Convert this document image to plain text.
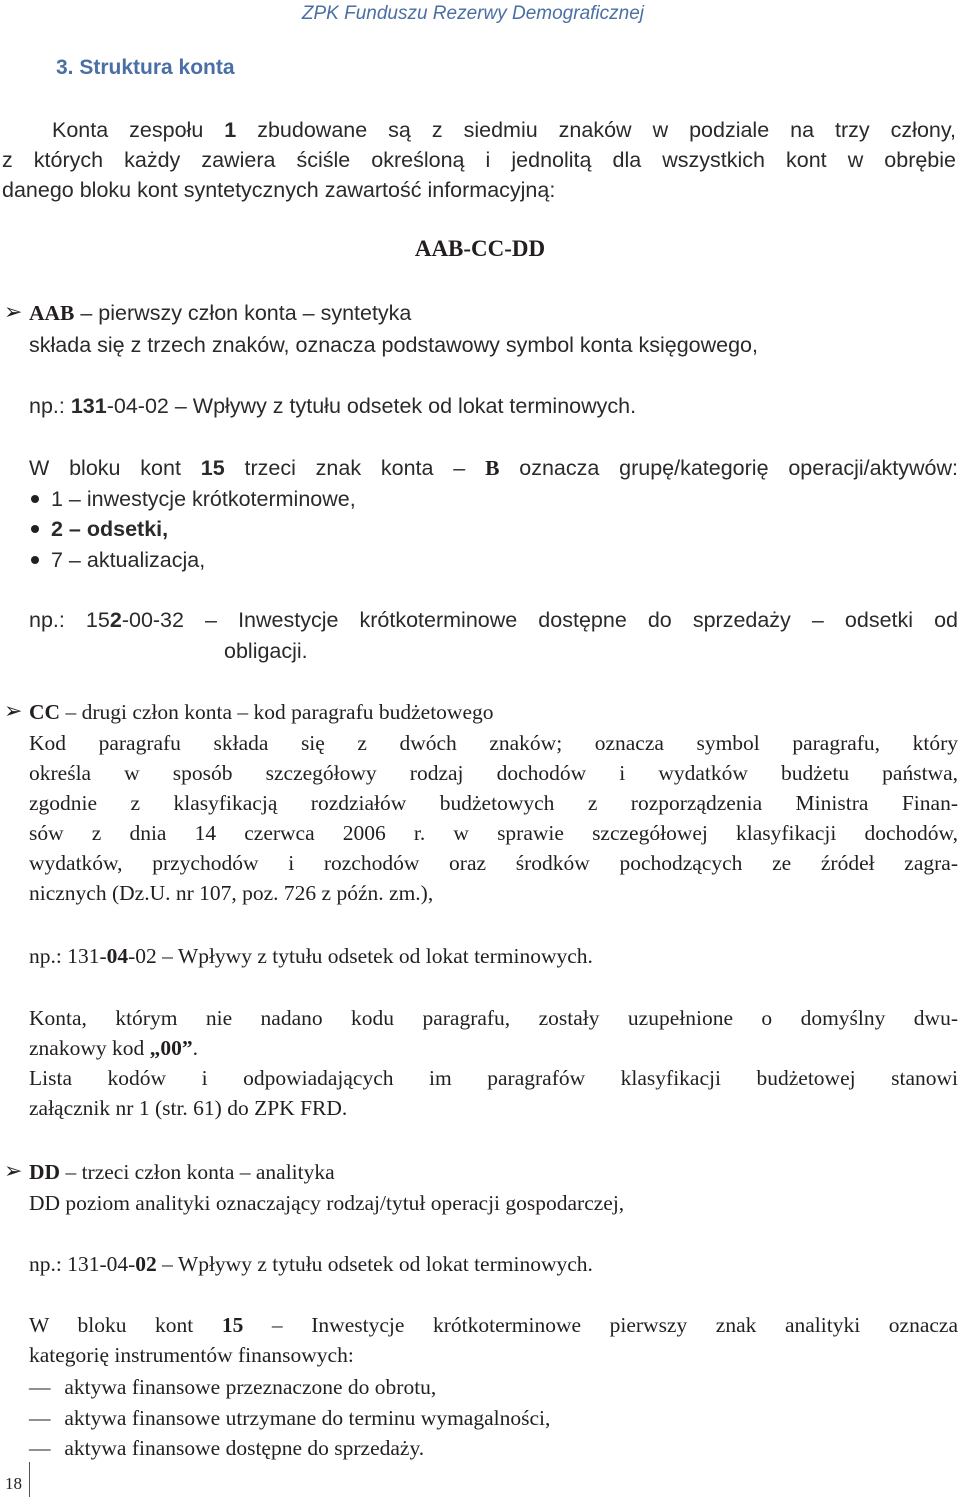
ZPK Funduszu Rezerwy Demograficznej
3. Struktura konta
Konta zespołu 1 zbudowane są z siedmiu znaków w podziale na trzy człony,
z których każdy zawiera ściśle określoną i jednolitą dla wszystkich kont w obrębie
danego bloku kont syntetycznych zawartość informacyjną:
AAB-CC-DD
➢ AAB – pierwszy człon konta – syntetyka
składa się z trzech znaków, oznacza podstawowy symbol konta księgowego,
np.: 131-04-02 – Wpływy z tytułu odsetek od lokat terminowych.
W bloku kont 15 trzeci znak konta – B oznacza grupę/kategorię operacji/aktywów:
1 – inwestycje krótkoterminowe,
2 – odsetki,
7 – aktualizacja,
np.: 152-00-32 – Inwestycje krótkoterminowe dostępne do sprzedaży – odsetki od
obligacji.
➢ CC – drugi człon konta – kod paragrafu budżetowego
Kod paragrafu składa się z dwóch znaków; oznacza symbol paragrafu, który
określa w sposób szczegółowy rodzaj dochodów i wydatków budżetu państwa,
zgodnie z klasyfikacją rozdziałów budżetowych z rozporządzenia Ministra Finan-
sów z dnia 14 czerwca 2006 r. w sprawie szczegółowej klasyfikacji dochodów,
wydatków, przychodów i rozchodów oraz środków pochodzących ze źródeł zagra-
nicznych (Dz.U. nr 107, poz. 726 z późn. zm.),
np.: 131-04-02 – Wpływy z tytułu odsetek od lokat terminowych.
Konta, którym nie nadano kodu paragrafu, zostały uzupełnione o domyślny dwu-
znakowy kod „00”.
Lista kodów i odpowiadających im paragrafów klasyfikacji budżetowej stanowi
załącznik nr 1 (str. 61) do ZPK FRD.
➢ DD – trzeci człon konta – analityka
DD poziom analityki oznaczający rodzaj/tytuł operacji gospodarczej,
np.: 131-04-02 – Wpływy z tytułu odsetek od lokat terminowych.
W bloku kont 15 – Inwestycje krótkoterminowe pierwszy znak analityki oznacza
kategorię instrumentów finansowych:
— aktywa finansowe przeznaczone do obrotu,
— aktywa finansowe utrzymane do terminu wymagalności,
— aktywa finansowe dostępne do sprzedaży.
18
